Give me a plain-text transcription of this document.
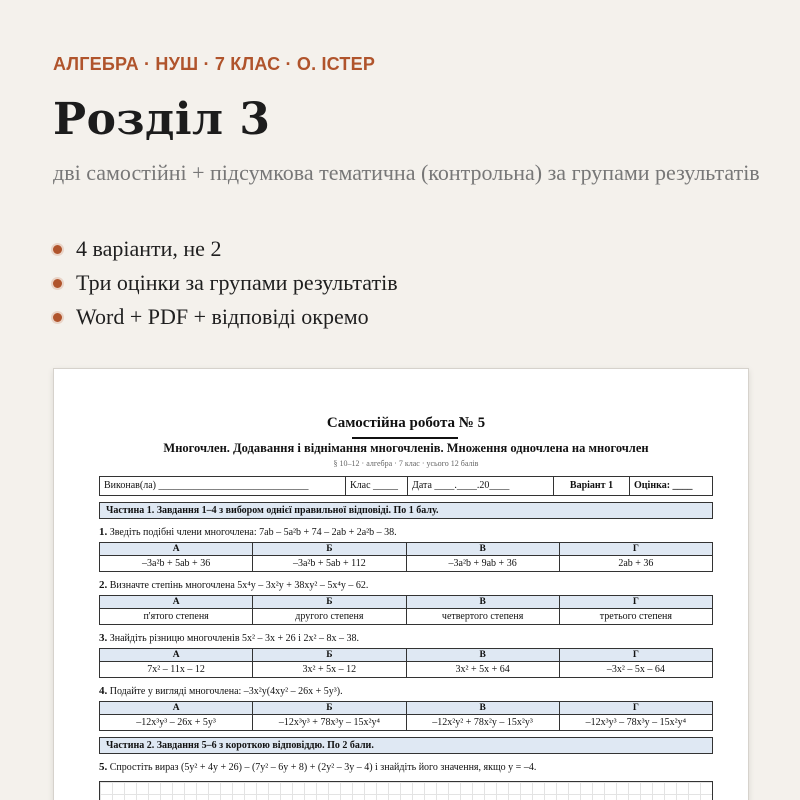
АЛГЕБРА · НУШ · 7 КЛАС · О. ІСТЕР
Розділ 3

дві самостійні + підсумкова тематична (контрольна) за групами результатів

4 варіанти, не 2
Три оцінки за групами результатів
Word + PDF + відповіді окремо
Самостійна робота № 5
Многочлен. Додавання і віднімання многочленів. Множення одночлена на многочлен
§ 10–12 · алгебра · 7 клас · усього 12 балів
Виконав(ла) ______________________________	Клас _____	Дата ____.____.20____	Варіант 1	Оцінка: ____
Частина 1. Завдання 1–4 з вибором однієї правильної відповіді. По 1 балу.
1. Зведіть подібні члени многочлена: 7ab – 5a²b + 74 – 2ab + 2a²b – 38.
А	Б	В	Г
–3a²b + 5ab + 36	–3a²b + 5ab + 112	–3a²b + 9ab + 36	2ab + 36
2. Визначте степінь многочлена 5x⁴y – 3x²y + 38xy² – 5x⁴y – 62.
А	Б	В	Г
п'ятого степеня	другого степеня	четвертого степеня	третього степеня
3. Знайдіть різницю многочленів 5x² – 3x + 26 і 2x² – 8x – 38.
А	Б	В	Г
7x² – 11x – 12	3x² + 5x – 12	3x² + 5x + 64	–3x² – 5x – 64
4. Подайте у вигляді многочлена: –3x²y(4xy² – 26x + 5y³).
А	Б	В	Г
–12x³y³ – 26x + 5y³	–12x³y³ + 78x³y – 15x²y⁴	–12x²y² + 78x²y – 15x²y³	–12x³y³ – 78x³y – 15x²y⁴
Частина 2. Завдання 5–6 з короткою відповіддю. По 2 бали.
5. Спростіть вираз (5y² + 4y + 26) – (7y² – 6y + 8) + (2y² – 3y – 4) і знайдіть його значення, якщо y = –4.
